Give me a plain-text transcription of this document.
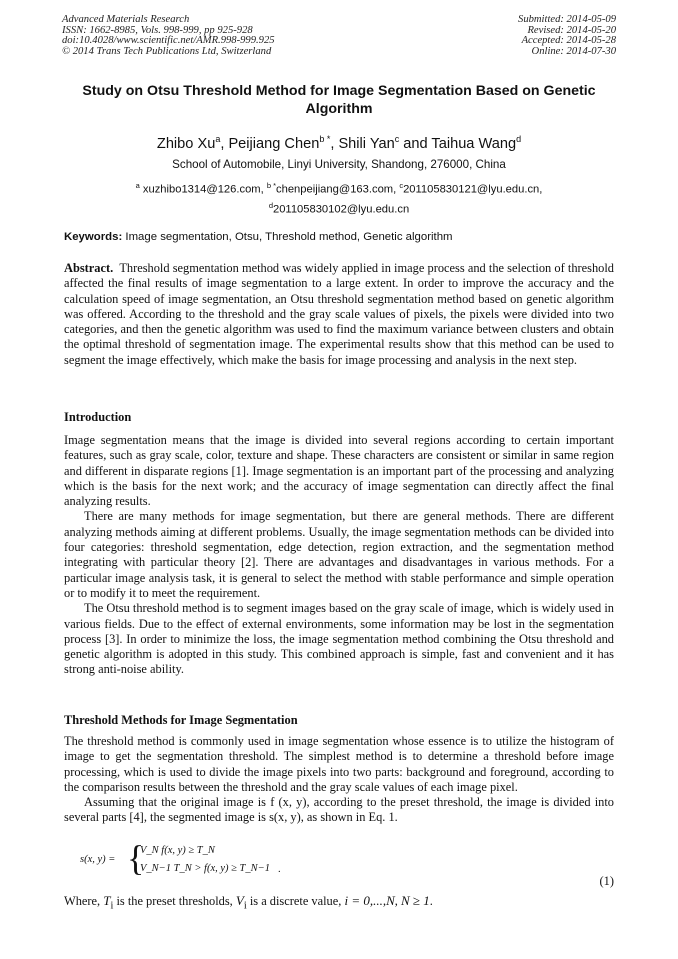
Advanced Materials Research
ISSN: 1662-8985, Vols. 998-999, pp 925-928
doi:10.4028/www.scientific.net/AMR.998-999.925
© 2014 Trans Tech Publications Ltd, Switzerland
Submitted: 2014-05-09
Revised: 2014-05-20
Accepted: 2014-05-28
Online: 2014-07-30
Study on Otsu Threshold Method for Image Segmentation Based on Genetic Algorithm
Zhibo Xu$^a$, Peijiang Chen$^{b *}$, Shili Yan$^c$ and Taihua Wang$^d$
School of Automobile, Linyi University, Shandong, 276000, China
$^a$ xuzhibo1314@126.com, $^{b *}$chenpeijiang@163.com, $^c$201105830121@lyu.edu.cn,
$^d$201105830102@lyu.edu.cn
Keywords: Image segmentation, Otsu, Threshold method, Genetic algorithm

Abstract. Threshold segmentation method was widely applied in image process and the selection of threshold affected the final results of image segmentation to a large extent. In order to improve the accuracy and the calculation speed of image segmentation, an Otsu threshold segmentation method based on genetic algorithm was offered. According to the threshold and the gray scale values of pixels, the pixels were divided into two categories, and then the genetic algorithm was used to find the maximum variance between clusters and obtain the optimal threshold of segmentation image. The experimental results show that this method can be used to segment the image effectively, which make the basis for image processing and analysis in the next step.

Introduction

Image segmentation means that the image is divided into several regions according to certain important features, such as gray scale, color, texture and shape. These characters are consistent or similar in same region and different in disparate regions [1]. Image segmentation is an important part of the processing and analyzing which is the basis for the next work; and the accuracy of image segmentation can directly affect the final analyzing results.

There are many methods for image segmentation, but there are general methods. There are different analyzing methods aiming at different problems. Usually, the image segmentation methods can be divided into four categories: threshold segmentation, edge detection, region extraction, and the segmentation method integrating with particular theory [2]. There are advantages and disadvantages in various methods. For a particular image analysis task, it is general to select the method with stable performance and simple operation or to modify it to meet the requirement.

The Otsu threshold method is to segment images based on the gray scale of image, which is widely used in various fields. Due to the effect of external environments, some information may be lost in the segmentation process [3]. In order to minimize the loss, the image segmentation method combining the Otsu threshold and genetic algorithm is adopted in this study. This combined approach is simple, fast and convenient and it has strong anti-noise ability.

Threshold Methods for Image Segmentation

The threshold method is commonly used in image segmentation whose essence is to utilize the histogram of image to get the segmentation threshold. The simplest method is to determine a threshold before image processing, which is used to divide the image pixels into two parts: background and foreground, according to the comparison results between the threshold and the gray scale values of each image pixel.

Assuming that the original image is f (x, y), according to the preset threshold, the image is divided into several parts [4], the segmented image is s(x, y), as shown in Eq. 1.

s(x, y) = {
V_N f(x, y) ≥ T_N
V_N−1 T_N > f(x, y) ≥ T_N−1 .
(1)
Where, $T_i$ is the preset thresholds, $V_i$ is a discrete value, i = 0,...,N, N ≥ 1.
